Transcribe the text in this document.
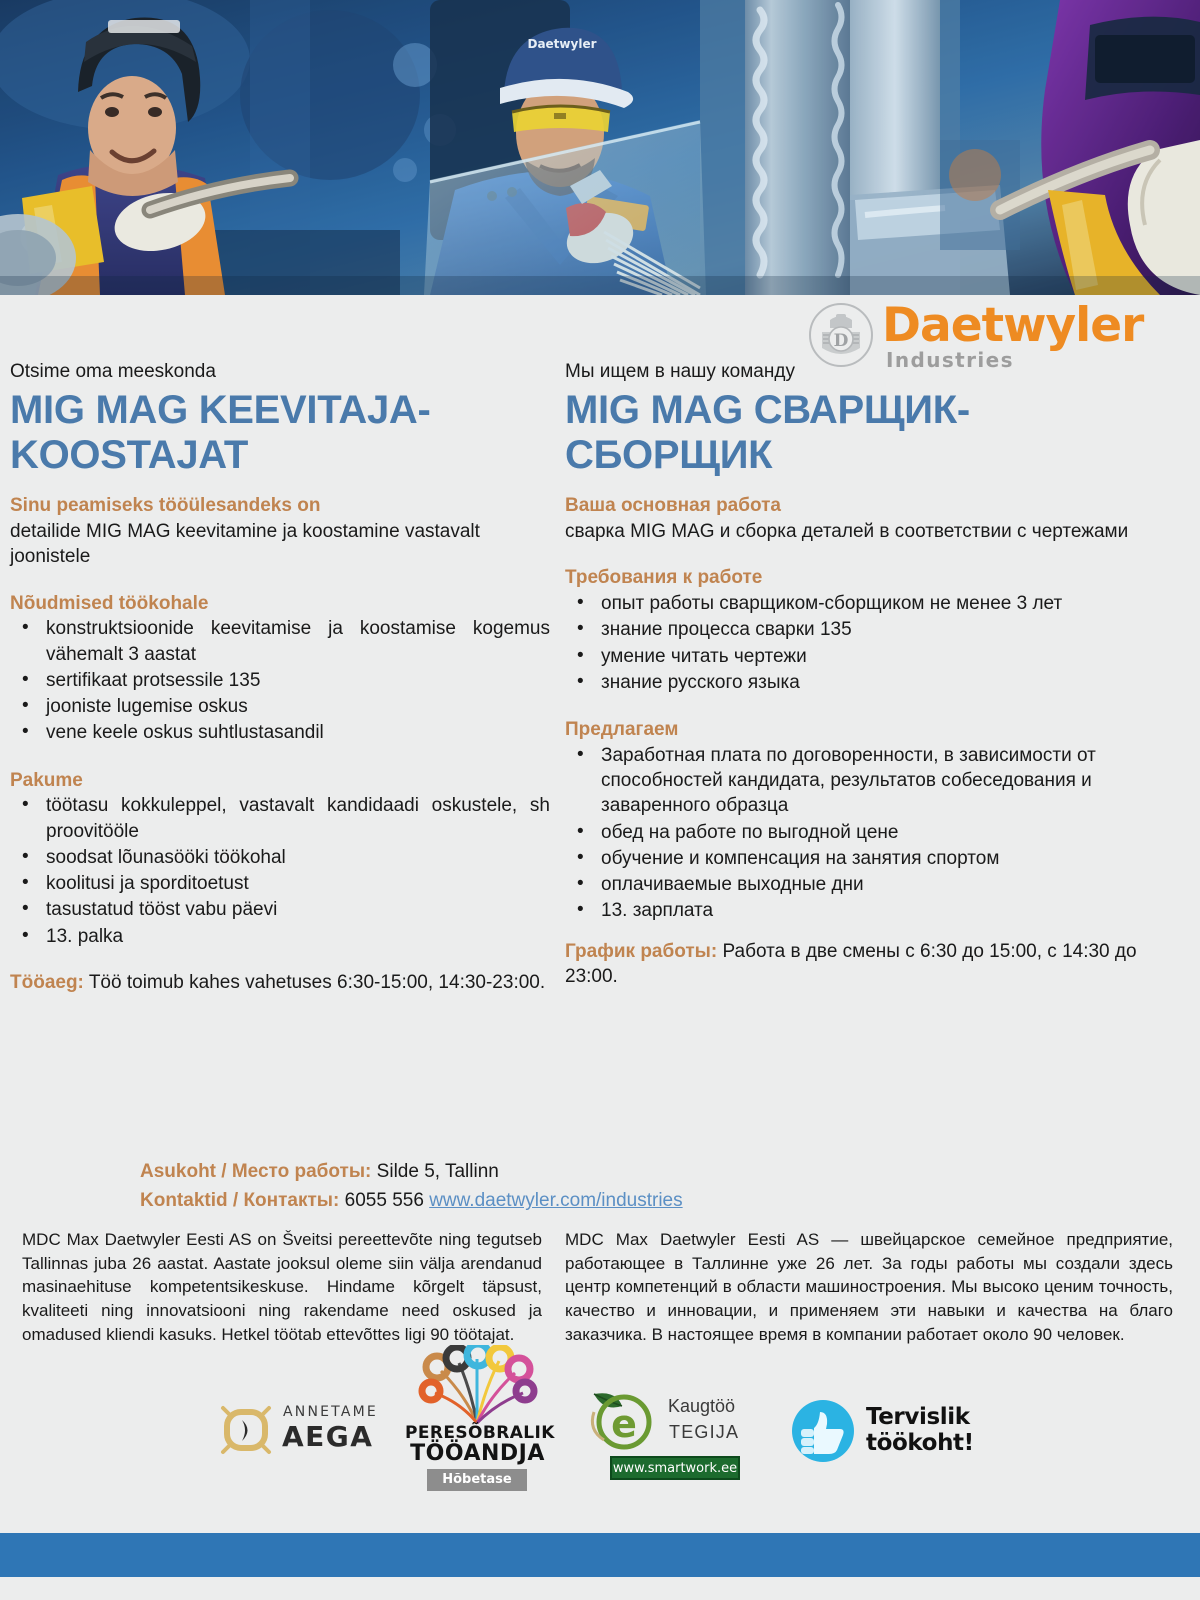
Daetwyler
D Daetwyler
Industries
Otsime oma meeskonda
MIG MAG KEEVITAJA-KOOSTAJAT
Sinu peamiseks tööülesandeks on
detailide MIG MAG keevitamine ja koostamine vastavalt joonistele
Nõudmised töökohale
• konstruktsioonide keevitamise ja koostamise kogemus vähemalt 3 aastat
• sertifikaat protsessile 135
• jooniste lugemise oskus
• vene keele oskus suhtlustasandil
Pakume
• töötasu kokkuleppel, vastavalt kandidaadi oskustele, sh proovitööle
• soodsat lõunasööki töökohal
• koolitusi ja sporditoetust
• tasustatud tööst vabu päevi
• 13. palka
Tööaeg: Töö toimub kahes vahetuses 6:30-15:00, 14:30-23:00.
Мы ищем в нашу команду
MIG MAG СВАРЩИК-СБОРЩИК
Ваша основная работа
сварка MIG MAG и сборка деталей в соответствии с чертежами
Требования к работе
• опыт работы сварщиком-сборщиком не менее 3 лет
• знание процесса сварки 135
• умение читать чертежи
• знание русского языка
Предлагаем
• Заработная плата по договоренности, в зависимости от способностей кандидата, результатов собеседования и заваренного образца
• обед на работе по выгодной цене
• обучение и компенсация на занятия спортом
• оплачиваемые выходные дни
• 13. зарплата
График работы: Работа в две смены с 6:30 до 15:00, с 14:30 до 23:00.
Asukoht / Место работы: Silde 5, Tallinn
Kontaktid / Контакты: 6055 556 www.daetwyler.com/industries
MDC Max Daetwyler Eesti AS on Šveitsi pereettevõte ning tegutseb Tallinnas juba 26 aastat. Aastate jooksul oleme siin välja arendanud masinaehituse kompetentsikeskuse. Hindame kõrgelt täpsust, kvaliteeti ning innovatsiooni ning rakendame need oskused ja omadused kliendi kasuks. Hetkel töötab ettevõttes ligi 90 töötajat.
MDC Max Daetwyler Eesti AS — швейцарское семейное предприятие, работающее в Таллинне уже 26 лет. За годы работы мы создали здесь центр компетенций в области машиностроения. Мы высоко ценим точность, качество и инновации, и применяем эти навыки и качества на благо заказчика. В настоящее время в компании работает около 90 человек.
ANNETAME
AEGA PERESÕBRALIK
TÖÖANDJA
Hõbetase
e Kaugtöö
TEGIJA
www.smartwork.ee
Tervislik
töökoht!
